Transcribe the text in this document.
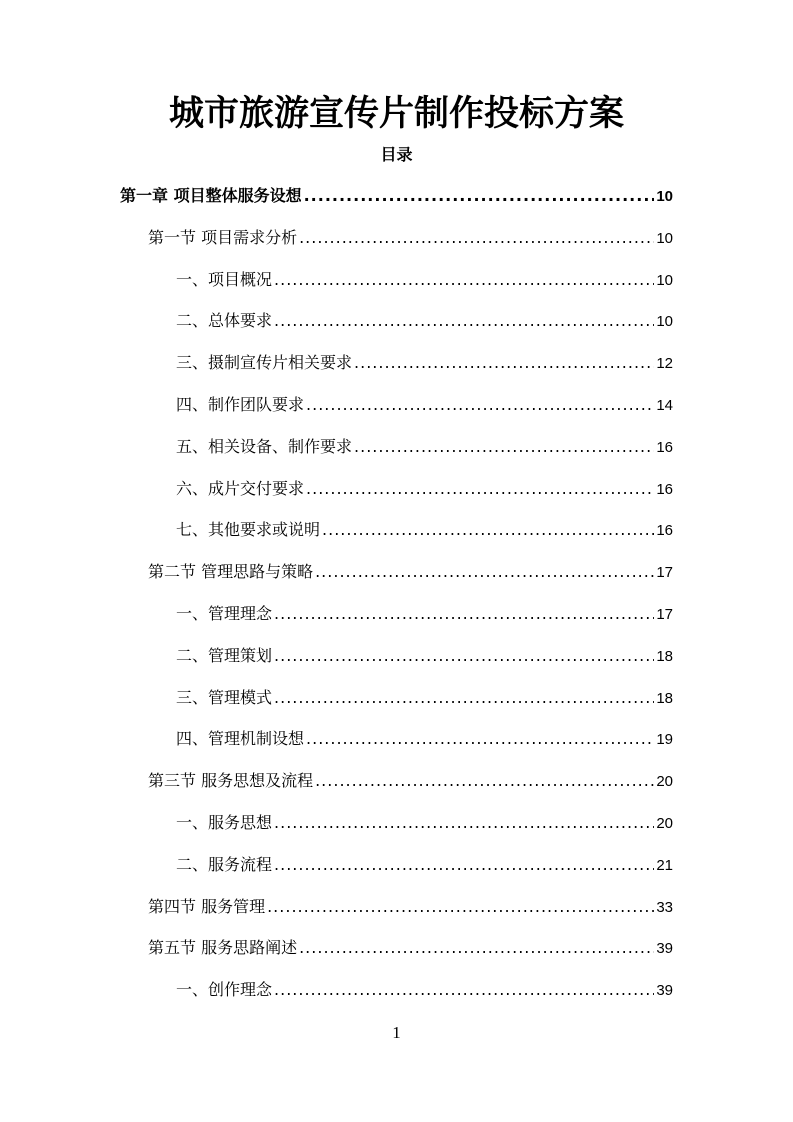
城市旅游宣传片制作投标方案
目录
第一章 项目整体服务设想 .....	10
第一节 项目需求分析 .....	10
一、项目概况 .....	10
二、总体要求 .....	10
三、摄制宣传片相关要求 .....	12
四、制作团队要求 .....	14
五、相关设备、制作要求 .....	16
六、成片交付要求 .....	16
七、其他要求或说明 .....	16
第二节 管理思路与策略 .....	17
一、管理理念 .....	17
二、管理策划 .....	18
三、管理模式 .....	18
四、管理机制设想 .....	19
第三节 服务思想及流程 .....	20
一、服务思想 .....	20
二、服务流程 .....	21
第四节 服务管理 .....	33
第五节 服务思路阐述 .....	39
一、创作理念 .....	39
1
